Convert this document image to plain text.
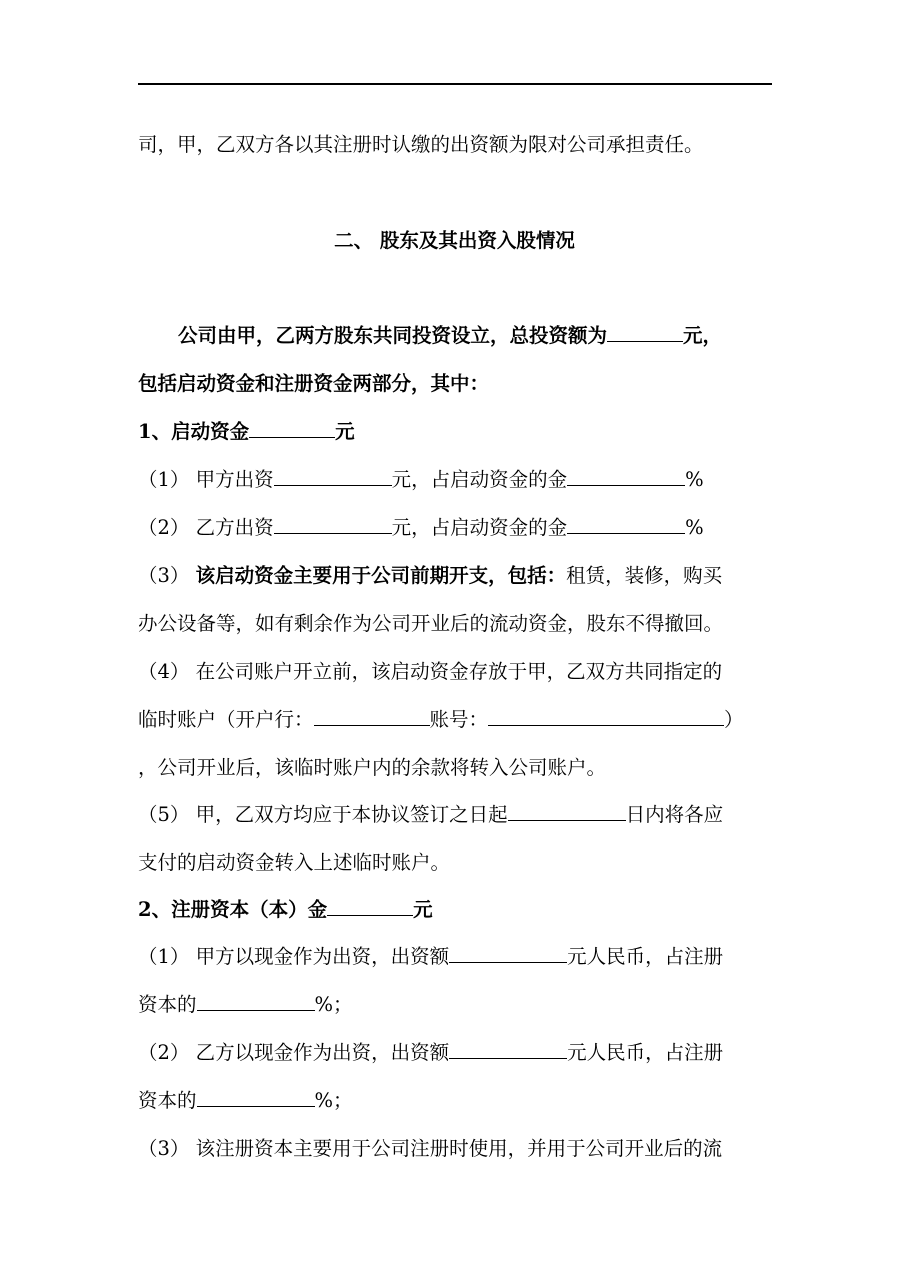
司，甲，乙双方各以其注册时认缴的出资额为限对公司承担责任。
二、 股东及其出资入股情况
公司由甲，乙两方股东共同投资设立，总投资额为	元，
包括启动资金和注册资金两部分，其中：
1、启动资金	元
（1） 甲方出资	元，占启动资金的金	%
（2） 乙方出资	元，占启动资金的金	%
（3） 该启动资金主要用于公司前期开支，包括：租赁，装修，购买
办公设备等，如有剩余作为公司开业后的流动资金，股东不得撤回。
（4） 在公司账户开立前，该启动资金存放于甲，乙双方共同指定的
临时账户（开户行：	账号：	）
，公司开业后，该临时账户内的余款将转入公司账户。
（5） 甲，乙双方均应于本协议签订之日起	日内将各应
支付的启动资金转入上述临时账户。
2、注册资本（本）金	元
（1） 甲方以现金作为出资，出资额	元人民币，占注册
资本的	%；
（2） 乙方以现金作为出资，出资额	元人民币，占注册
资本的	%；
（3） 该注册资本主要用于公司注册时使用，并用于公司开业后的流
